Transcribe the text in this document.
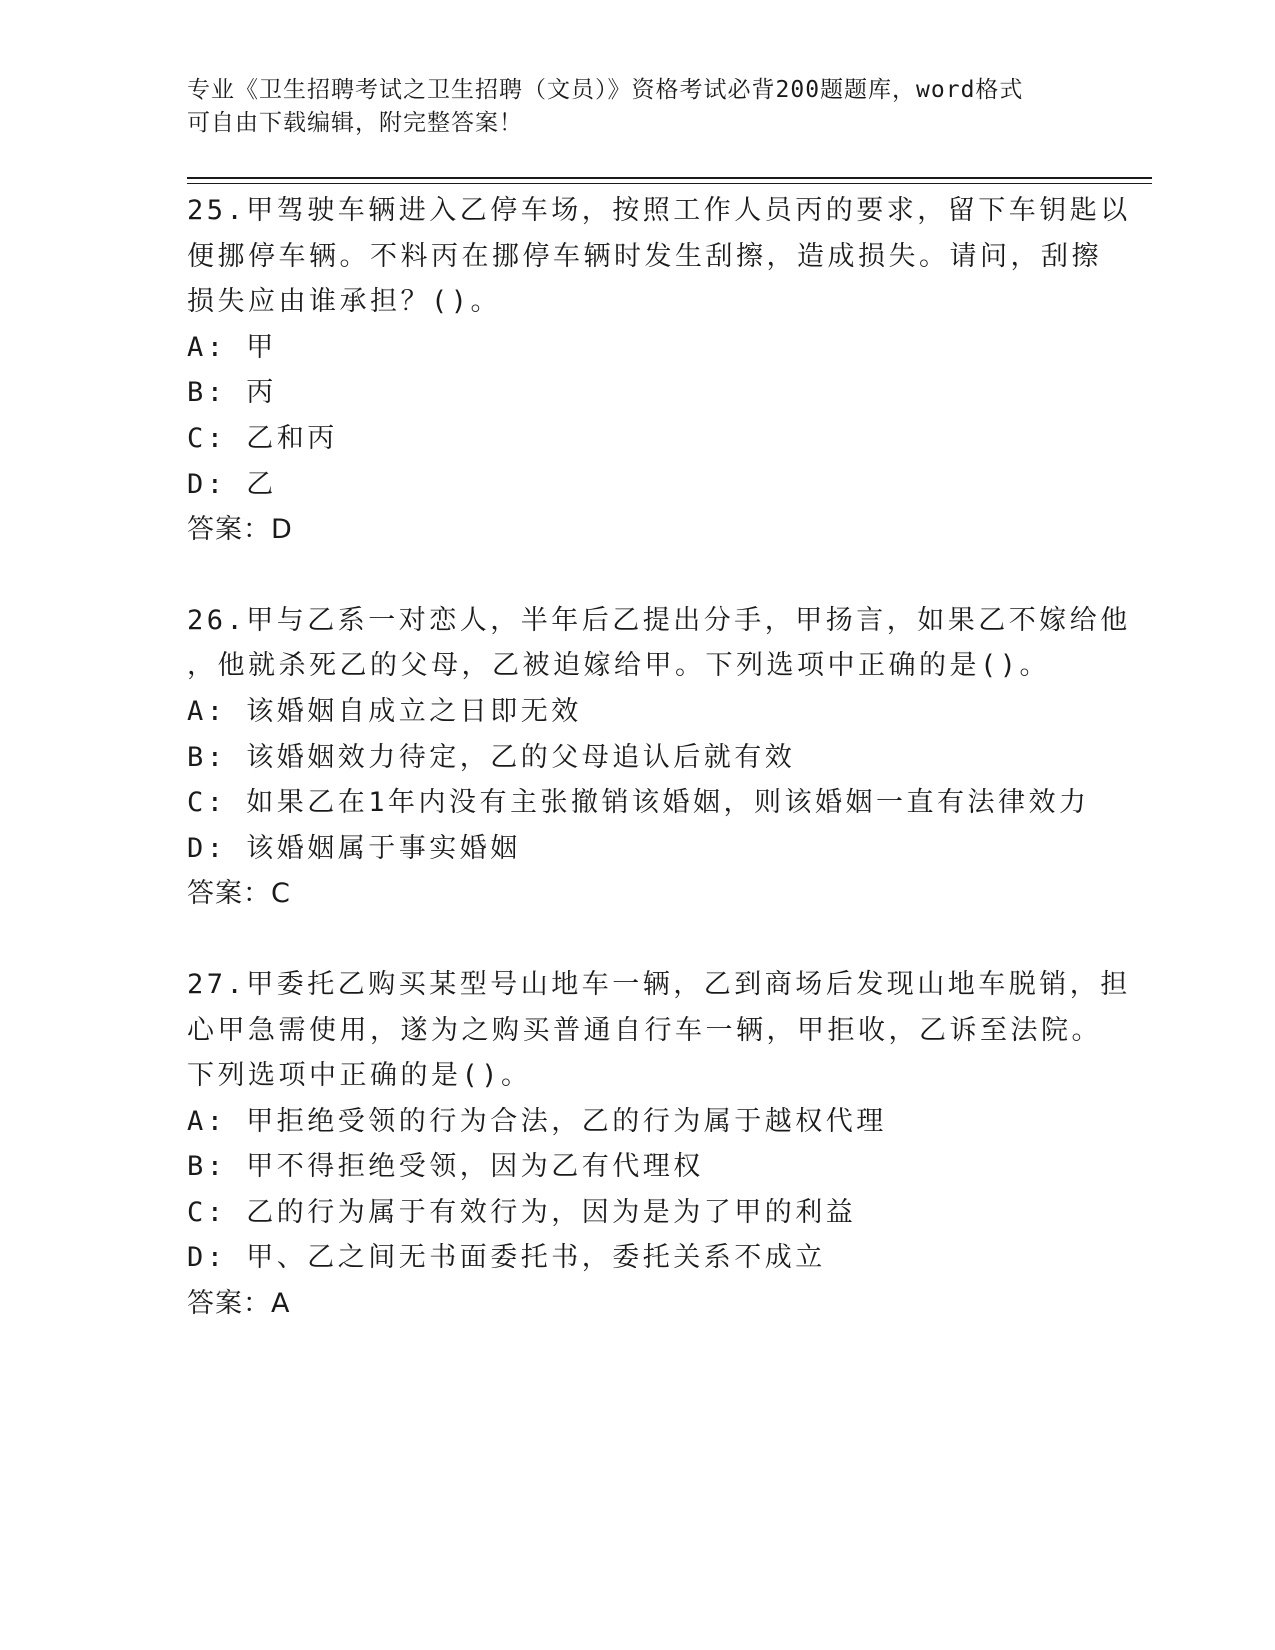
专业《卫生招聘考试之卫生招聘（文员）》资格考试必背200题题库，word格式

可自由下载编辑，附完整答案！

25.甲驾驶车辆进入乙停车场，按照工作人员丙的要求，留下车钥匙以

便挪停车辆。不料丙在挪停车辆时发生刮擦，造成损失。请问，刮擦

损失应由谁承担？()。

A: 甲

B: 丙

C: 乙和丙

D: 乙

答案：D

26.甲与乙系一对恋人，半年后乙提出分手，甲扬言，如果乙不嫁给他

，他就杀死乙的父母，乙被迫嫁给甲。下列选项中正确的是()。

A: 该婚姻自成立之日即无效

B: 该婚姻效力待定，乙的父母追认后就有效

C: 如果乙在1年内没有主张撤销该婚姻，则该婚姻一直有法律效力

D: 该婚姻属于事实婚姻

答案：C

27.甲委托乙购买某型号山地车一辆，乙到商场后发现山地车脱销，担

心甲急需使用，遂为之购买普通自行车一辆，甲拒收，乙诉至法院。

下列选项中正确的是()。

A: 甲拒绝受领的行为合法，乙的行为属于越权代理

B: 甲不得拒绝受领，因为乙有代理权

C: 乙的行为属于有效行为，因为是为了甲的利益

D: 甲、乙之间无书面委托书，委托关系不成立

答案：A
